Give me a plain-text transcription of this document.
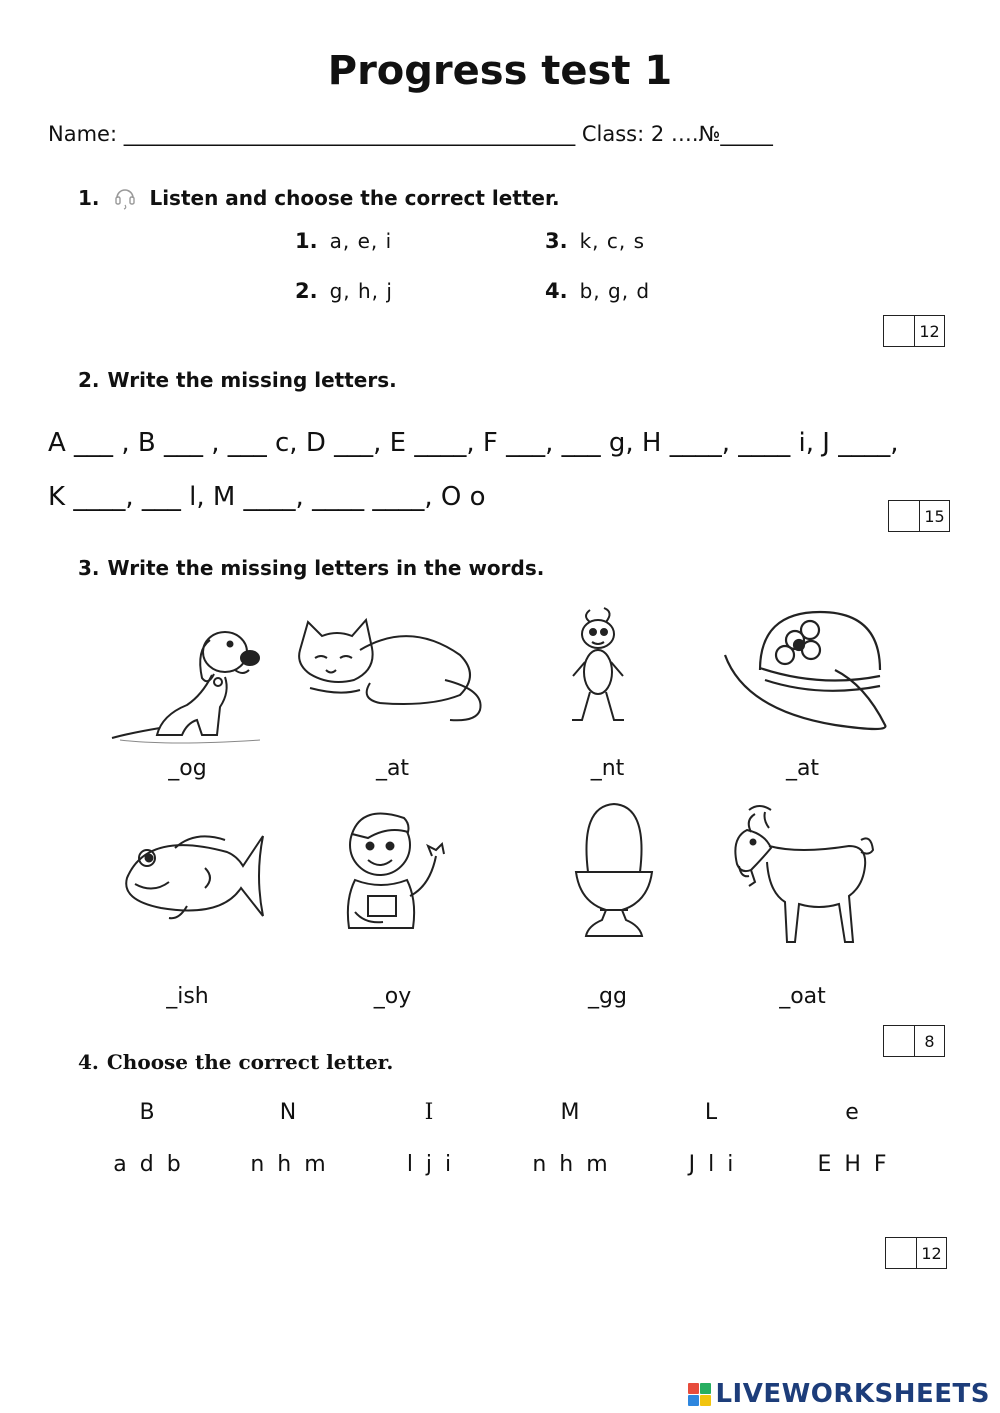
Progress test 1
Name: ___________________________________________ Class: 2 ….№_____
1. Listen and choose the correct letter.
1. a, e, i	3. k, c, s
2. g, h, j	4. b, g, d
12
2. Write the missing letters.
A ___ , B ___ , ___ c, D ___, E ____, F ___, ___ g, H ____, ____ i, J ____,
K ____, ___ l, M ____, ____ ____, O o
15
3. Write the missing letters in the words.
_og	_at	_nt	_at
_ish	_oy	_gg	_oat
8
4. Choose the correct letter.
B	N	I	M	L	e
a d b	n h m	l j i	n h m	J l i	E H F
12
LIVEWORKSHEETS
